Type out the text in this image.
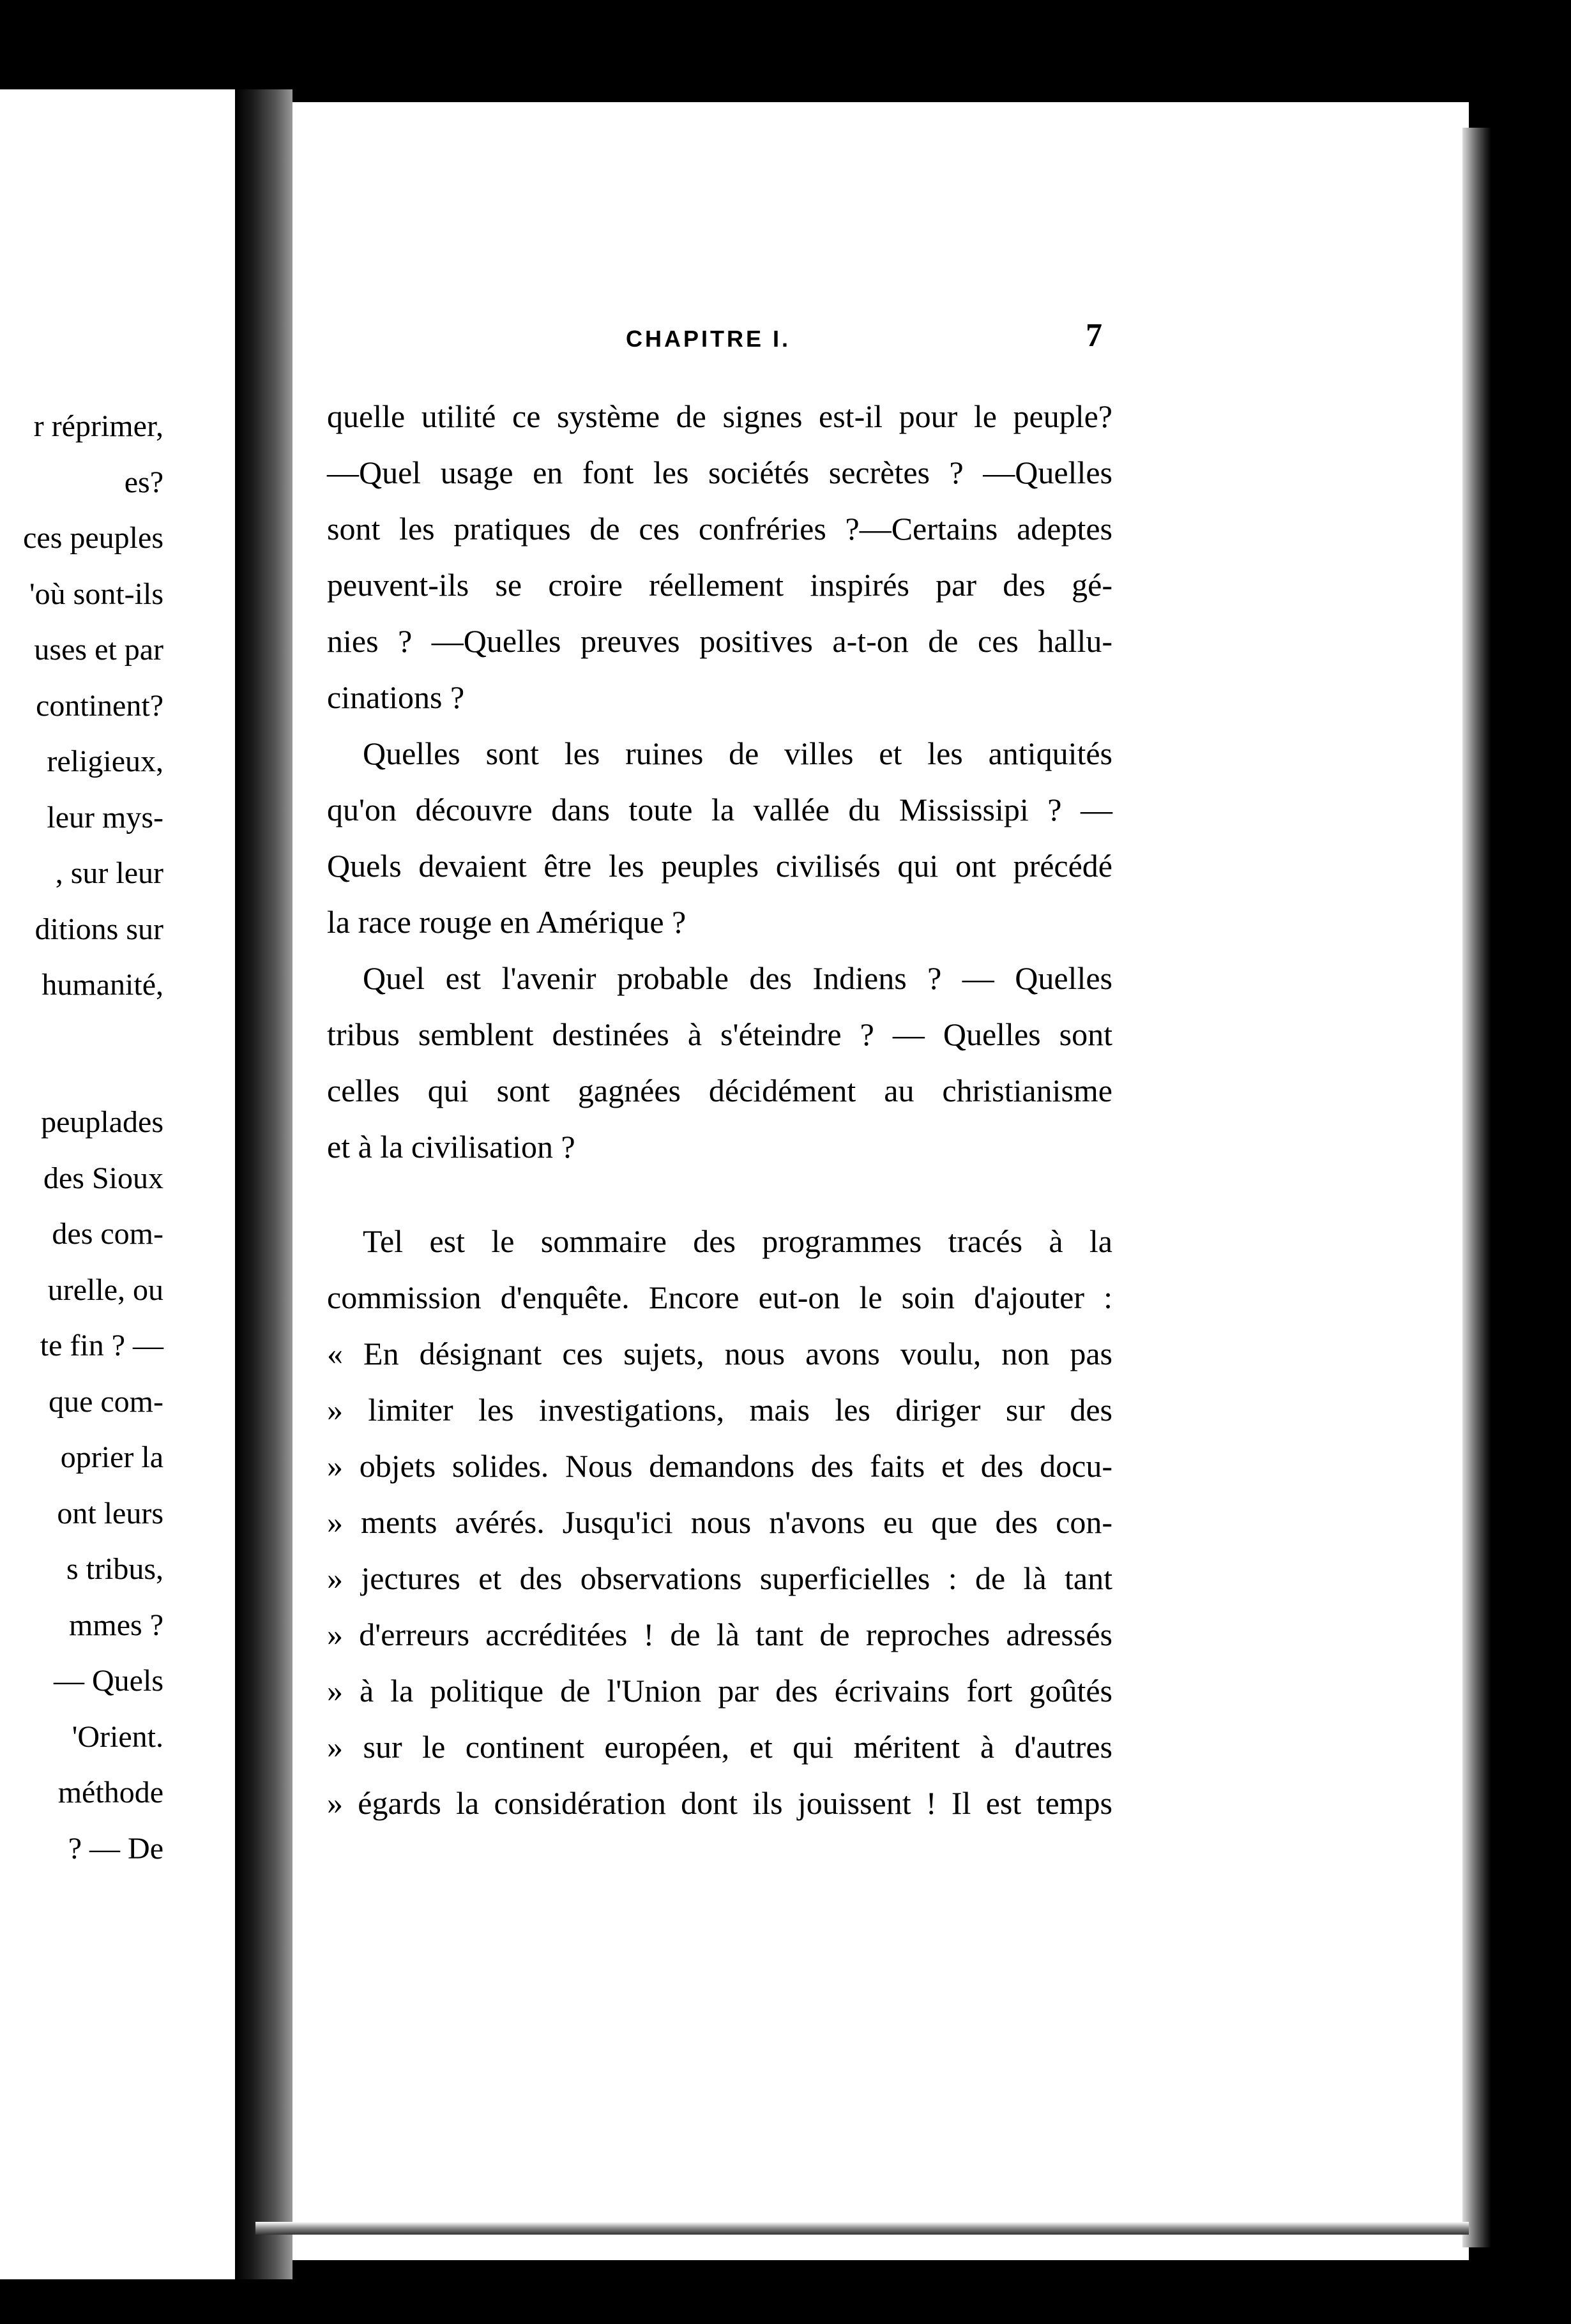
r réprimer,
es?
ces peuples
'où sont-ils
uses et par
continent?
religieux,
leur mys-
, sur leur
ditions sur
humanité,
peuplades
des Sioux
des com-
urelle, ou
te fin ? —
que com-
oprier la
ont leurs
s tribus,
mmes ?
— Quels
'Orient.
méthode
? — De
CHAPITRE I.	7
quelle utilité ce système de signes est-il pour le peuple?
—Quel usage en font les sociétés secrètes ? —Quelles
sont les pratiques de ces confréries ?—Certains adeptes
peuvent-ils se croire réellement inspirés par des gé-
nies ? —Quelles preuves positives a-t-on de ces hallu-
cinations ?
Quelles sont les ruines de villes et les antiquités
qu'on découvre dans toute la vallée du Mississipi ? —
Quels devaient être les peuples civilisés qui ont précédé
la race rouge en Amérique ?
Quel est l'avenir probable des Indiens ? — Quelles
tribus semblent destinées à s'éteindre ? — Quelles sont
celles qui sont gagnées décidément au christianisme
et à la civilisation ?
Tel est le sommaire des programmes tracés à la
commission d'enquête. Encore eut-on le soin d'ajouter :
« En désignant ces sujets, nous avons voulu, non pas
» limiter les investigations, mais les diriger sur des
» objets solides. Nous demandons des faits et des docu-
» ments avérés. Jusqu'ici nous n'avons eu que des con-
» jectures et des observations superficielles : de là tant
» d'erreurs accréditées ! de là tant de reproches adressés
» à la politique de l'Union par des écrivains fort goûtés
» sur le continent européen, et qui méritent à d'autres
» égards la considération dont ils jouissent ! Il est temps
